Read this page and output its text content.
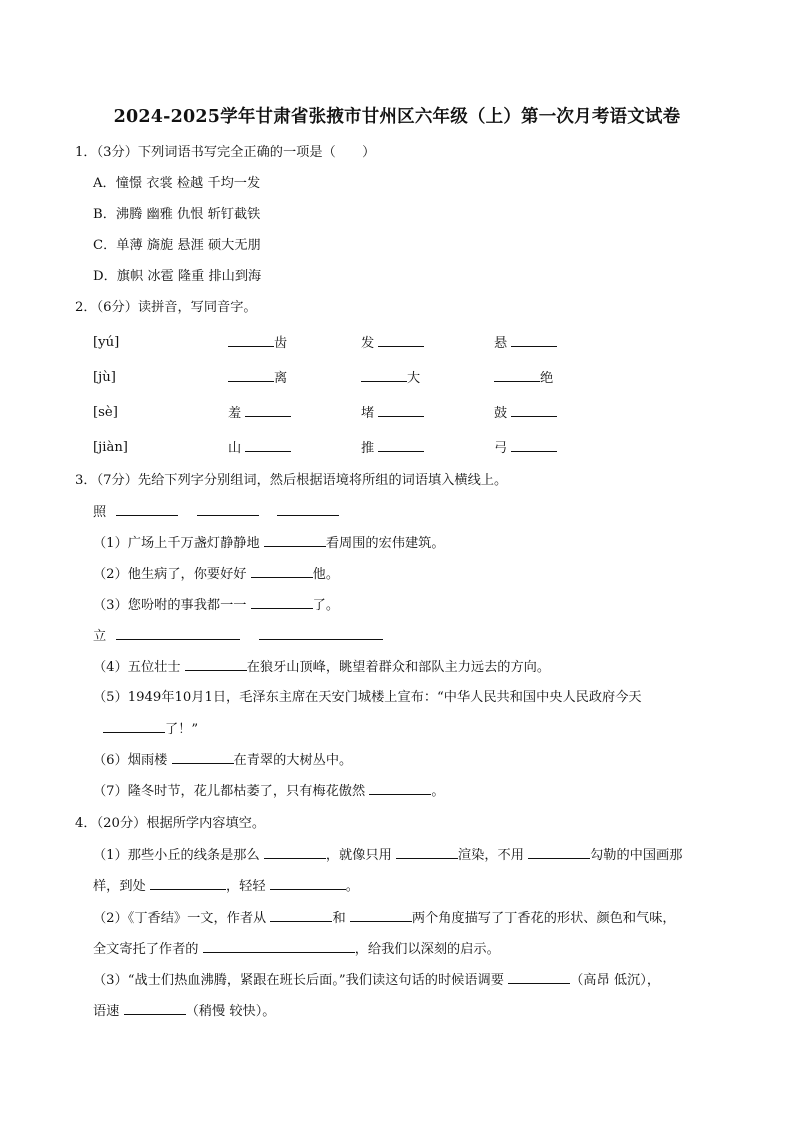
2024-2025学年甘肃省张掖市甘州区六年级（上）第一次月考语文试卷
1．（3分）下列词语书写完全正确的一项是（　　）
A．憧憬 衣裳 检越 千均一发
B．沸腾 幽雅 仇恨 斩钉截铁
C．单薄 旖旎 悬涯 硕大无朋
D．旗帜 冰雹 隆重 排山到海
2．（6分）读拼音，写同音字。
[yú]	齿	发	悬
[jù]	离	大	绝
[sè]	羞	堵	鼓
[jiàn]	山	推	弓
3．（7分）先给下列字分别组词，然后根据语境将所组的词语填入横线上。
照
（1）广场上千万盏灯静静地	看周围的宏伟建筑。
（2）他生病了，你要好好	他。
（3）您吩咐的事我都一一	了。
立
（4）五位壮士	在狼牙山顶峰，眺望着群众和部队主力远去的方向。
（5）1949年10月1日，毛泽东主席在天安门城楼上宣布：“中华人民共和国中央人民政府今天
了！”
（6）烟雨楼	在青翠的大树丛中。
（7）隆冬时节，花儿都枯萎了，只有梅花傲然	。
4．（20分）根据所学内容填空。
（1）那些小丘的线条是那么	，就像只用	渲染，不用	勾勒的中国画那
样，到处	，轻轻	。
（2）《丁香结》一文，作者从	和	两个角度描写了丁香花的形状、颜色和气味，
全文寄托了作者的	，给我们以深刻的启示。
（3）“战士们热血沸腾，紧跟在班长后面。”我们读这句话的时候语调要	（高昂 低沉），
语速	（稍慢 较快）。
